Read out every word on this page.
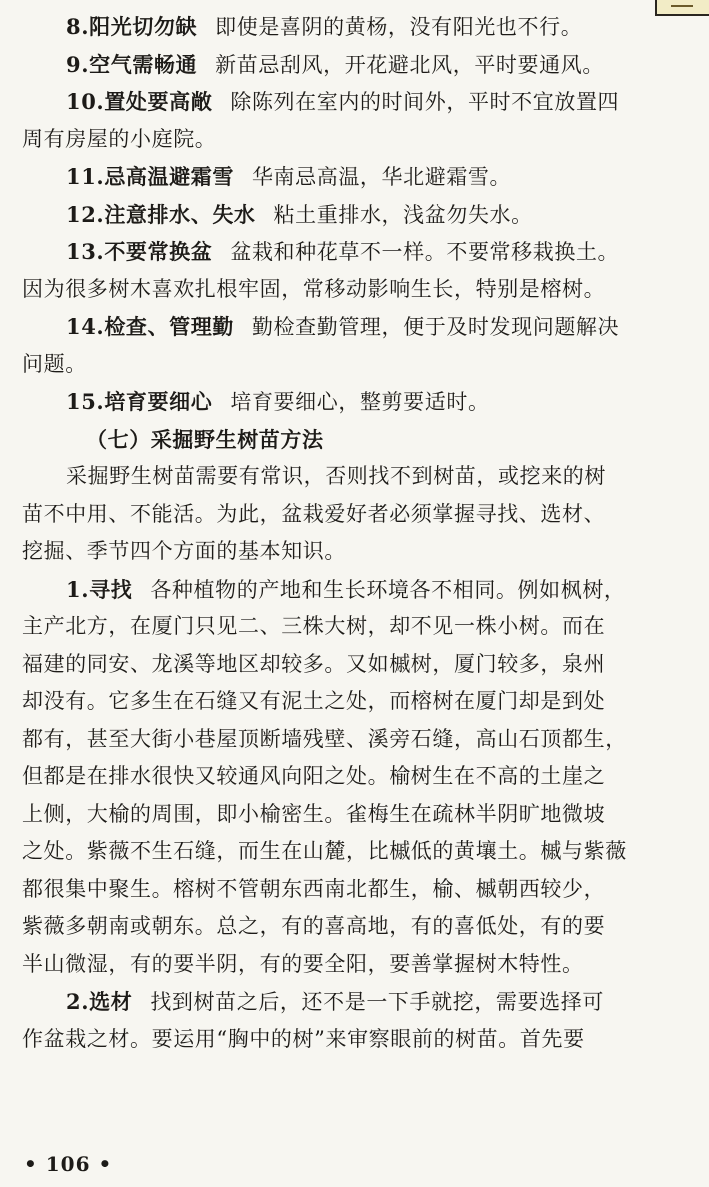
8.阳光切勿缺 即使是喜阴的黄杨，没有阳光也不行。
9.空气需畅通 新苗忌刮风，开花避北风，平时要通风。
10.置处要高敞 除陈列在室内的时间外，平时不宜放置四
周有房屋的小庭院。
11.忌高温避霜雪 华南忌高温，华北避霜雪。
12.注意排水、失水 粘土重排水，浅盆勿失水。
13.不要常换盆 盆栽和种花草不一样。不要常移栽换土。
因为很多树木喜欢扎根牢固，常移动影响生长，特别是榕树。
14.检查、管理勤 勤检查勤管理，便于及时发现问题解决
问题。
15.培育要细心 培育要细心，整剪要适时。
（七）采掘野生树苗方法
采掘野生树苗需要有常识，否则找不到树苗，或挖来的树
苗不中用、不能活。为此，盆栽爱好者必须掌握寻找、选材、
挖掘、季节四个方面的基本知识。
1.寻找 各种植物的产地和生长环境各不相同。例如枫树，
主产北方，在厦门只见二、三株大树，却不见一株小树。而在
福建的同安、龙溪等地区却较多。又如槭树，厦门较多，泉州
却没有。它多生在石缝又有泥土之处，而榕树在厦门却是到处
都有，甚至大街小巷屋顶断墙残壁、溪旁石缝，高山石顶都生，
但都是在排水很快又较通风向阳之处。榆树生在不高的土崖之
上侧，大榆的周围，即小榆密生。雀梅生在疏林半阴旷地微坡
之处。紫薇不生石缝，而生在山麓，比槭低的黄壤土。槭与紫薇
都很集中聚生。榕树不管朝东西南北都生，榆、槭朝西较少，
紫薇多朝南或朝东。总之，有的喜高地，有的喜低处，有的要
半山微湿，有的要半阴，有的要全阳，要善掌握树木特性。
2.选材 找到树苗之后，还不是一下手就挖，需要选择可
作盆栽之材。要运用“胸中的树”来审察眼前的树苗。首先要
• 106 •
